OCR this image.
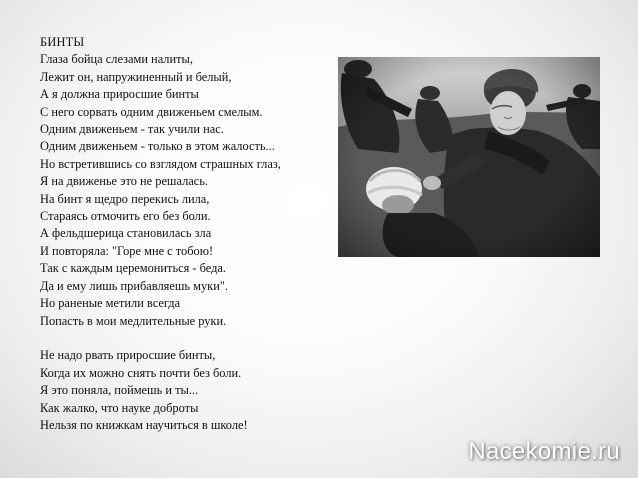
БИНТЫ
Глаза бойца слезами налиты,
Лежит он, напружиненный и белый,
А я должна приросшие бинты
С него сорвать одним движеньем смелым.
Одним движеньем - так учили нас.
Одним движеньем - только в этом жалость...
Но встретившись со взглядом страшных глаз,
Я на движенье это не решалась.
На бинт я щедро перекись лила,
Стараясь отмочить его без боли.
А фельдшерица становилась зла
И повторяла: "Горе мне с тобою!
Так с каждым церемониться - беда.
Да и ему лишь прибавляешь муки".
Но раненые метили всегда
Попасть в мои медлительные руки.
Не надо рвать приросшие бинты,
Когда их можно снять почти без боли.
Я это поняла, поймешь и ты...
Как жалко, что науке доброты
Нельзя по книжкам научиться в школе!
Nacekomie.ru
